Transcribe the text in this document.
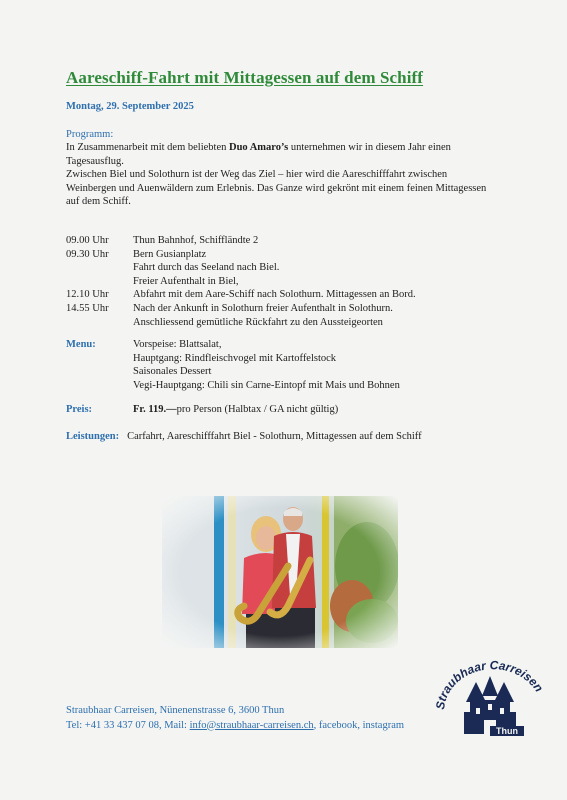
Aareschiff-Fahrt mit Mittagessen auf dem Schiff
Montag, 29. September 2025
Programm:

In Zusammenarbeit mit dem beliebten Duo Amaro’s unternehmen wir in diesem Jahr einen Tagesausflug.

Zwischen Biel und Solothurn ist der Weg das Ziel – hier wird die Aareschifffahrt zwischen Weinbergen und Auenwäldern zum Erlebnis. Das Ganze wird gekrönt mit einem feinen Mittagessen auf dem Schiff.

09.00 Uhr	Thun Bahnhof, Schiffländte 2
09.30 Uhr	Bern Gusianplatz
Fahrt durch das Seeland nach Biel.
Freier Aufenthalt in Biel,
12.10 Uhr	Abfahrt mit dem Aare-Schiff nach Solothurn. Mittagessen an Bord.
14.55 Uhr	Nach der Ankunft in Solothurn freier Aufenthalt in Solothurn.
Anschliessend gemütliche Rückfahrt zu den Aussteigeorten
Menu:	Vorspeise: Blattsalat,
Hauptgang: Rindfleischvogel mit Kartoffelstock
Saisonales Dessert
Vegi-Hauptgang: Chili sin Carne-Eintopf mit Mais und Bohnen
Preis:	Fr. 119.—pro Person (Halbtax / GA nicht gültig)
Leistungen: Carfahrt, Aareschifffahrt Biel - Solothurn, Mittagessen auf dem Schiff
Straubhaar Carreisen, Nünenenstrasse 6, 3600 Thun
Tel: +41 33 437 07 08, Mail: info@straubhaar-carreisen.ch, facebook, instagram
Straubhaar Carreisen
Thun
